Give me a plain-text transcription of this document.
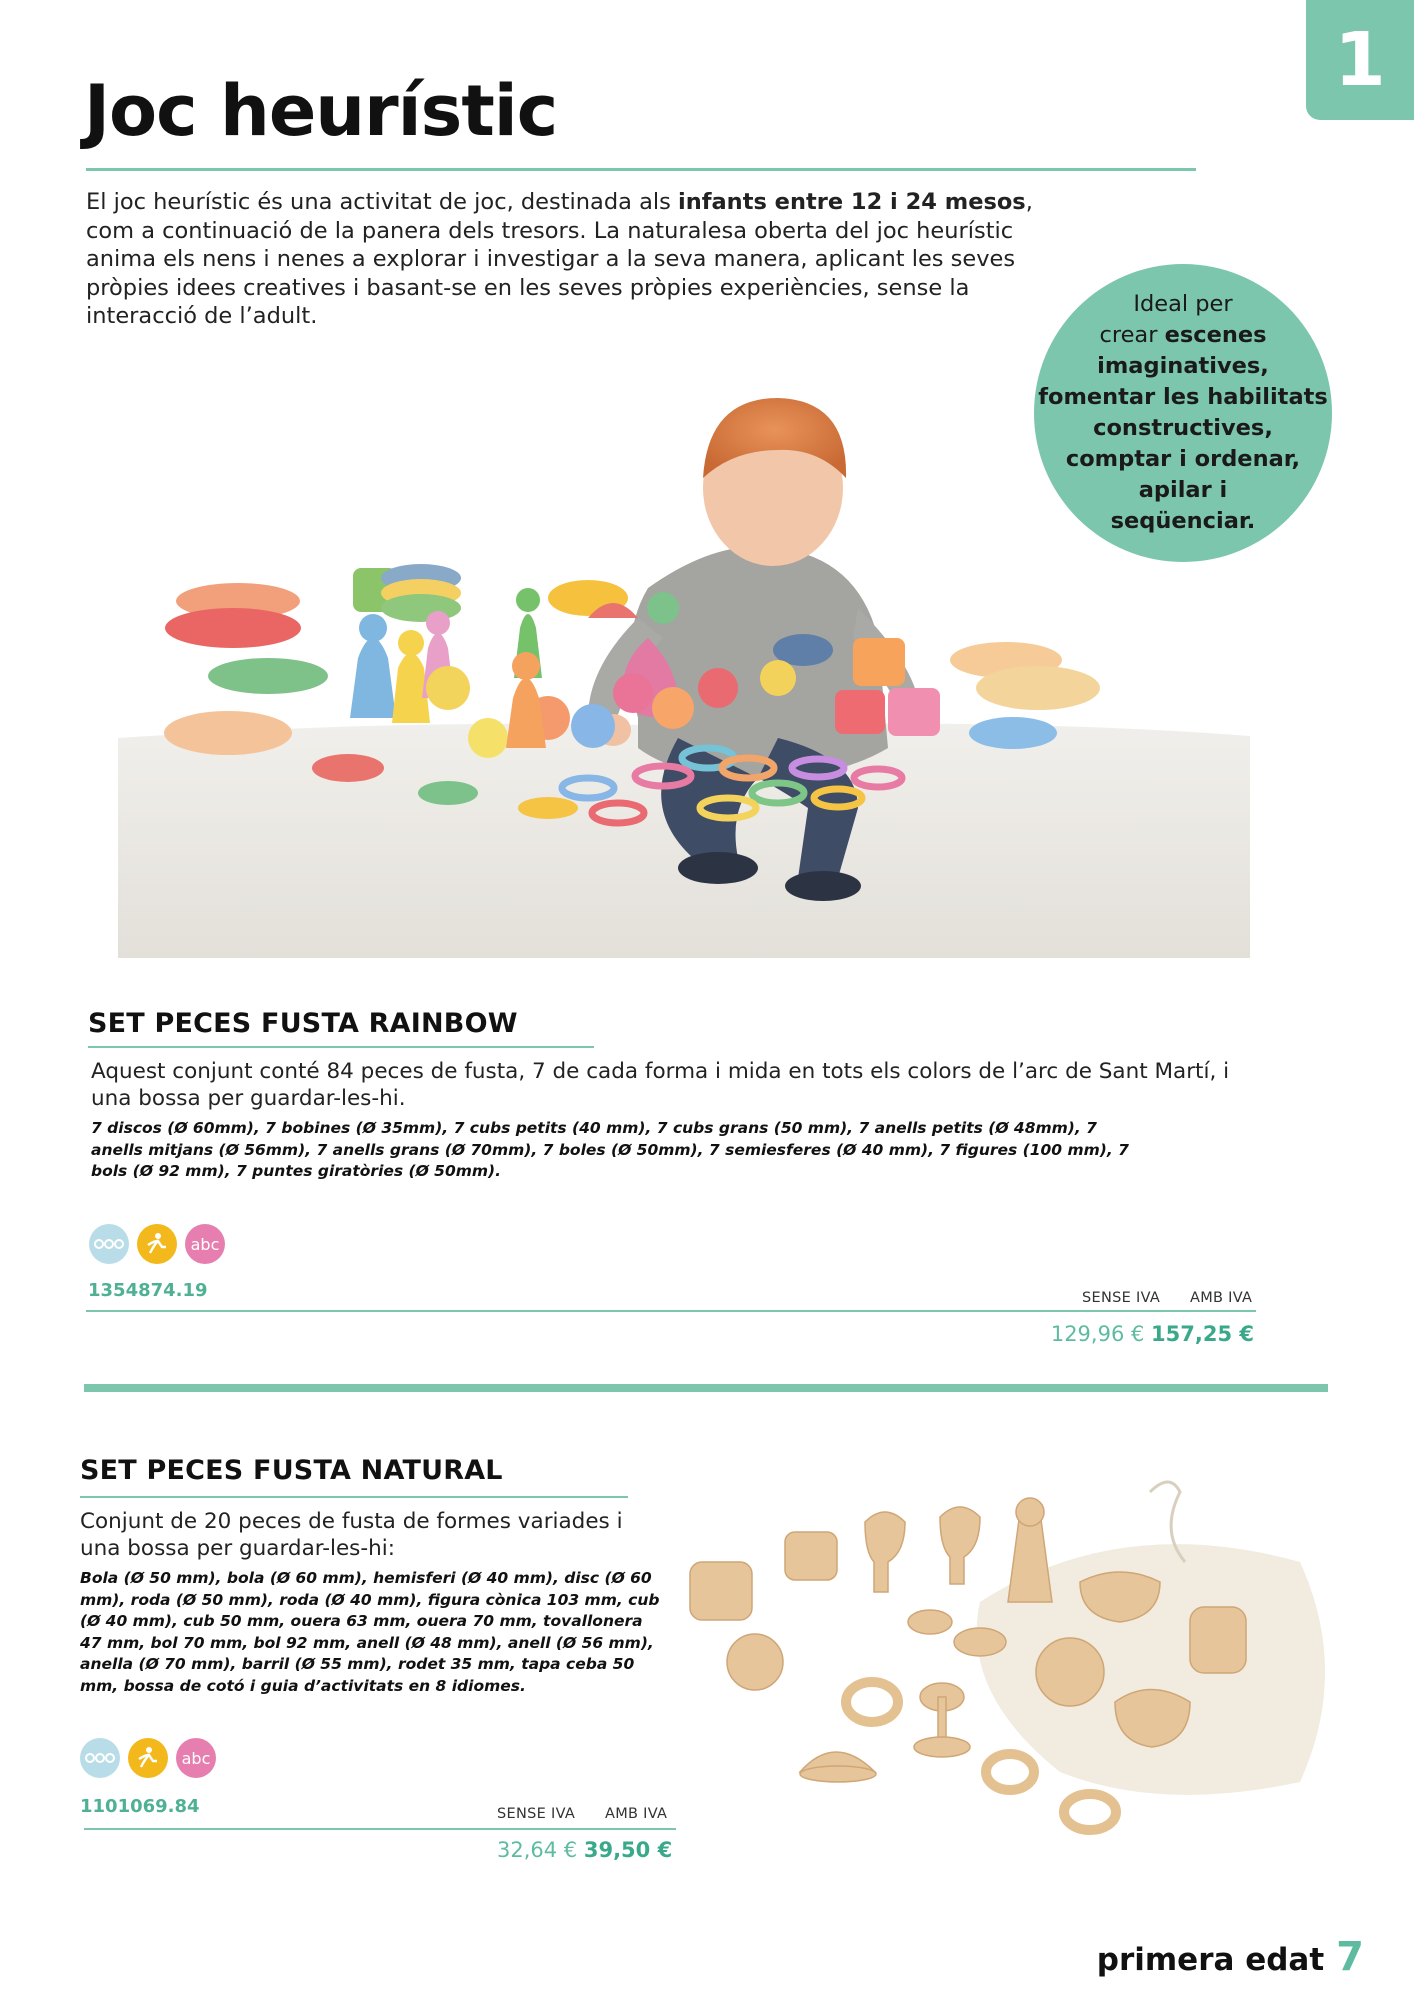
1
Joc heurístic
El joc heurístic és una activitat de joc, destinada als infants entre 12 i 24 mesos, com a continuació de la panera dels tresors. La naturalesa oberta del joc heurístic anima els nens i nenes a explorar i investigar a la seva manera, aplicant les seves pròpies idees creatives i basant-se en les seves pròpies experiències, sense la interacció de l’adult.	Ideal per
crear escenes
imaginatives,
fomentar les habilitats
constructives,
comptar i ordenar,
apilar i
seqüenciar.
SET PECES FUSTA RAINBOW
Aquest conjunt conté 84 peces de fusta, 7 de cada forma i mida en tots els colors de l’arc de Sant Martí, i una bossa per guardar-les-hi.
7 discos (Ø 60mm), 7 bobines (Ø 35mm), 7 cubs petits (40 mm), 7 cubs grans (50 mm), 7 anells petits (Ø 48mm), 7 anells mitjans (Ø 56mm), 7 anells grans (Ø 70mm), 7 boles (Ø 50mm), 7 semiesferes (Ø 40 mm), 7 figures (100 mm), 7 bols (Ø 92 mm), 7 puntes giratòries (Ø 50mm).
abc
1354874.19	SENSE IVA AMB IVA
129,96 € 157,25 €
SET PECES FUSTA NATURAL
Conjunt de 20 peces de fusta de formes variades i una bossa per guardar-les-hi:
Bola (Ø 50 mm), bola (Ø 60 mm), hemisferi (Ø 40 mm), disc (Ø 60 mm), roda (Ø 50 mm), roda (Ø 40 mm), figura cònica 103 mm, cub (Ø 40 mm), cub 50 mm, ouera 63 mm, ouera 70 mm, tovallonera 47 mm, bol 70 mm, bol 92 mm, anell (Ø 48 mm), anell (Ø 56 mm), anella (Ø 70 mm), barril (Ø 55 mm), rodet 35 mm, tapa ceba 50 mm, bossa de cotó i guia d’activitats en 8 idiomes.
abc
1101069.84	SENSE IVA AMB IVA
32,64 € 39,50 €
primera edat 7
